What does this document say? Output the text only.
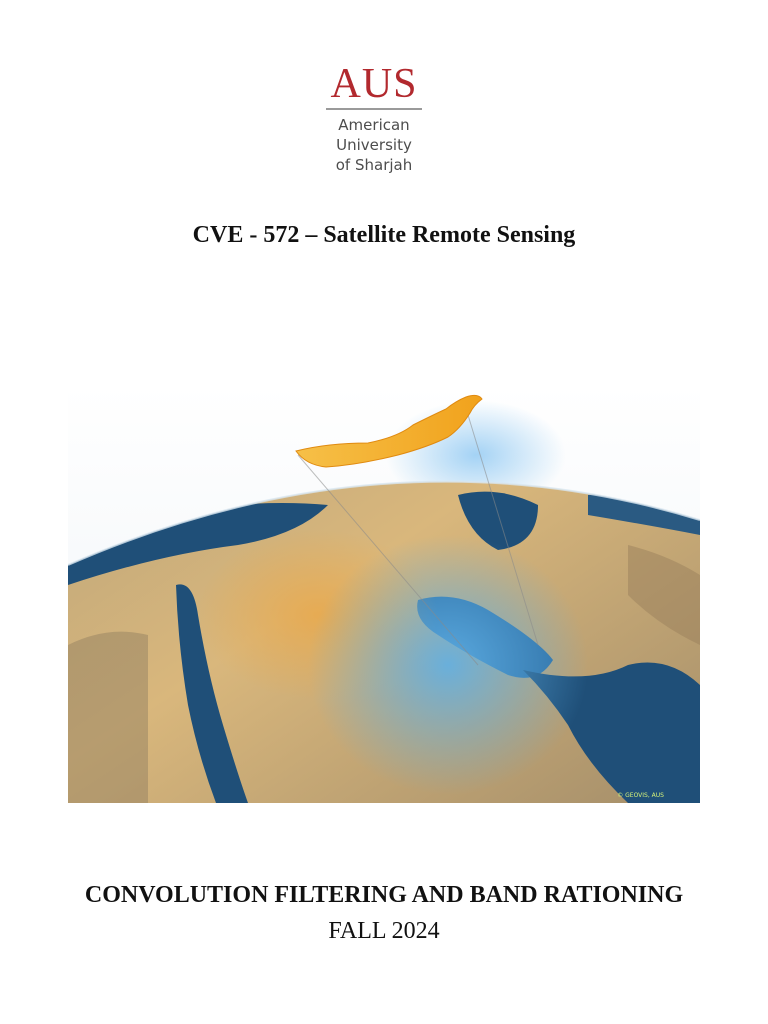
AUS
American
University
of Sharjah
CVE - 572 – Satellite Remote Sensing
© GEOVIS, AUS
CONVOLUTION FILTERING AND BAND RATIONING
FALL 2024
